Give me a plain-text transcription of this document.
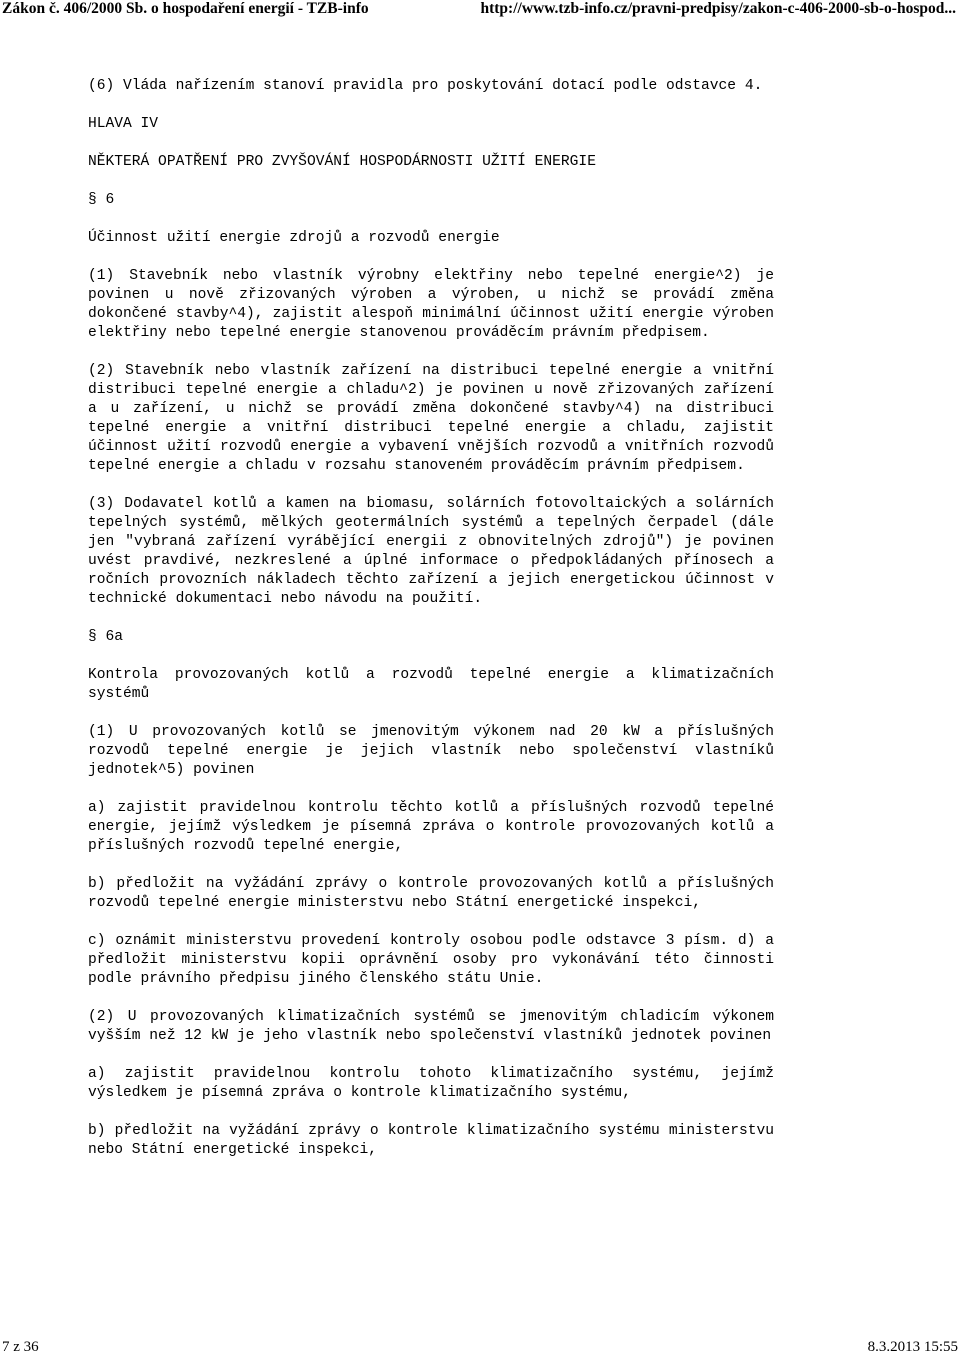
Zákon č. 406/2000 Sb. o hospodaření energií - TZB-info	http://www.tzb-info.cz/pravni-predpisy/zakon-c-406-2000-sb-o-hospod...

(6) Vláda nařízením stanoví pravidla pro poskytování dotací podle odstavce 4.

HLAVA IV

NĚKTERÁ OPATŘENÍ PRO ZVYŠOVÁNÍ HOSPODÁRNOSTI UŽITÍ ENERGIE

§ 6

Účinnost užití energie zdrojů a rozvodů energie

(1) Stavebník nebo vlastník výrobny elektřiny nebo tepelné energie^2) je povinen u nově zřizovaných výroben a výroben, u nichž se provádí změna dokončené stavby^4), zajistit alespoň minimální účinnost užití energie výroben elektřiny nebo tepelné energie stanovenou prováděcím právním předpisem.

(2) Stavebník nebo vlastník zařízení na distribuci tepelné energie a vnitřní distribuci tepelné energie a chladu^2) je povinen u nově zřizovaných zařízení a u zařízení, u nichž se provádí změna dokončené stavby^4) na distribuci tepelné energie a vnitřní distribuci tepelné energie a chladu, zajistit účinnost užití rozvodů energie a vybavení vnějších rozvodů a vnitřních rozvodů tepelné energie a chladu v rozsahu stanoveném prováděcím právním předpisem.

(3) Dodavatel kotlů a kamen na biomasu, solárních fotovoltaických a solárních tepelných systémů, mělkých geotermálních systémů a tepelných čerpadel (dále jen "vybraná zařízení vyrábějící energii z obnovitelných zdrojů") je povinen uvést pravdivé, nezkreslené a úplné informace o předpokládaných přínosech a ročních provozních nákladech těchto zařízení a jejich energetickou účinnost v technické dokumentaci nebo návodu na použití.

§ 6a

Kontrola provozovaných kotlů a rozvodů tepelné energie a klimatizačních systémů

(1) U provozovaných kotlů se jmenovitým výkonem nad 20 kW a příslušných rozvodů tepelné energie je jejich vlastník nebo společenství vlastníků jednotek^5) povinen

a) zajistit pravidelnou kontrolu těchto kotlů a příslušných rozvodů tepelné energie, jejímž výsledkem je písemná zpráva o kontrole provozovaných kotlů a příslušných rozvodů tepelné energie,

b) předložit na vyžádání zprávy o kontrole provozovaných kotlů a příslušných rozvodů tepelné energie ministerstvu nebo Státní energetické inspekci,

c) oznámit ministerstvu provedení kontroly osobou podle odstavce 3 písm. d) a předložit ministerstvu kopii oprávnění osoby pro vykonávání této činnosti podle právního předpisu jiného členského státu Unie.

(2) U provozovaných klimatizačních systémů se jmenovitým chladicím výkonem vyšším než 12 kW je jeho vlastník nebo společenství vlastníků jednotek povinen

a) zajistit pravidelnou kontrolu tohoto klimatizačního systému, jejímž výsledkem je písemná zpráva o kontrole klimatizačního systému,

b) předložit na vyžádání zprávy o kontrole klimatizačního systému ministerstvu nebo Státní energetické inspekci,

7 z 36	8.3.2013 15:55
